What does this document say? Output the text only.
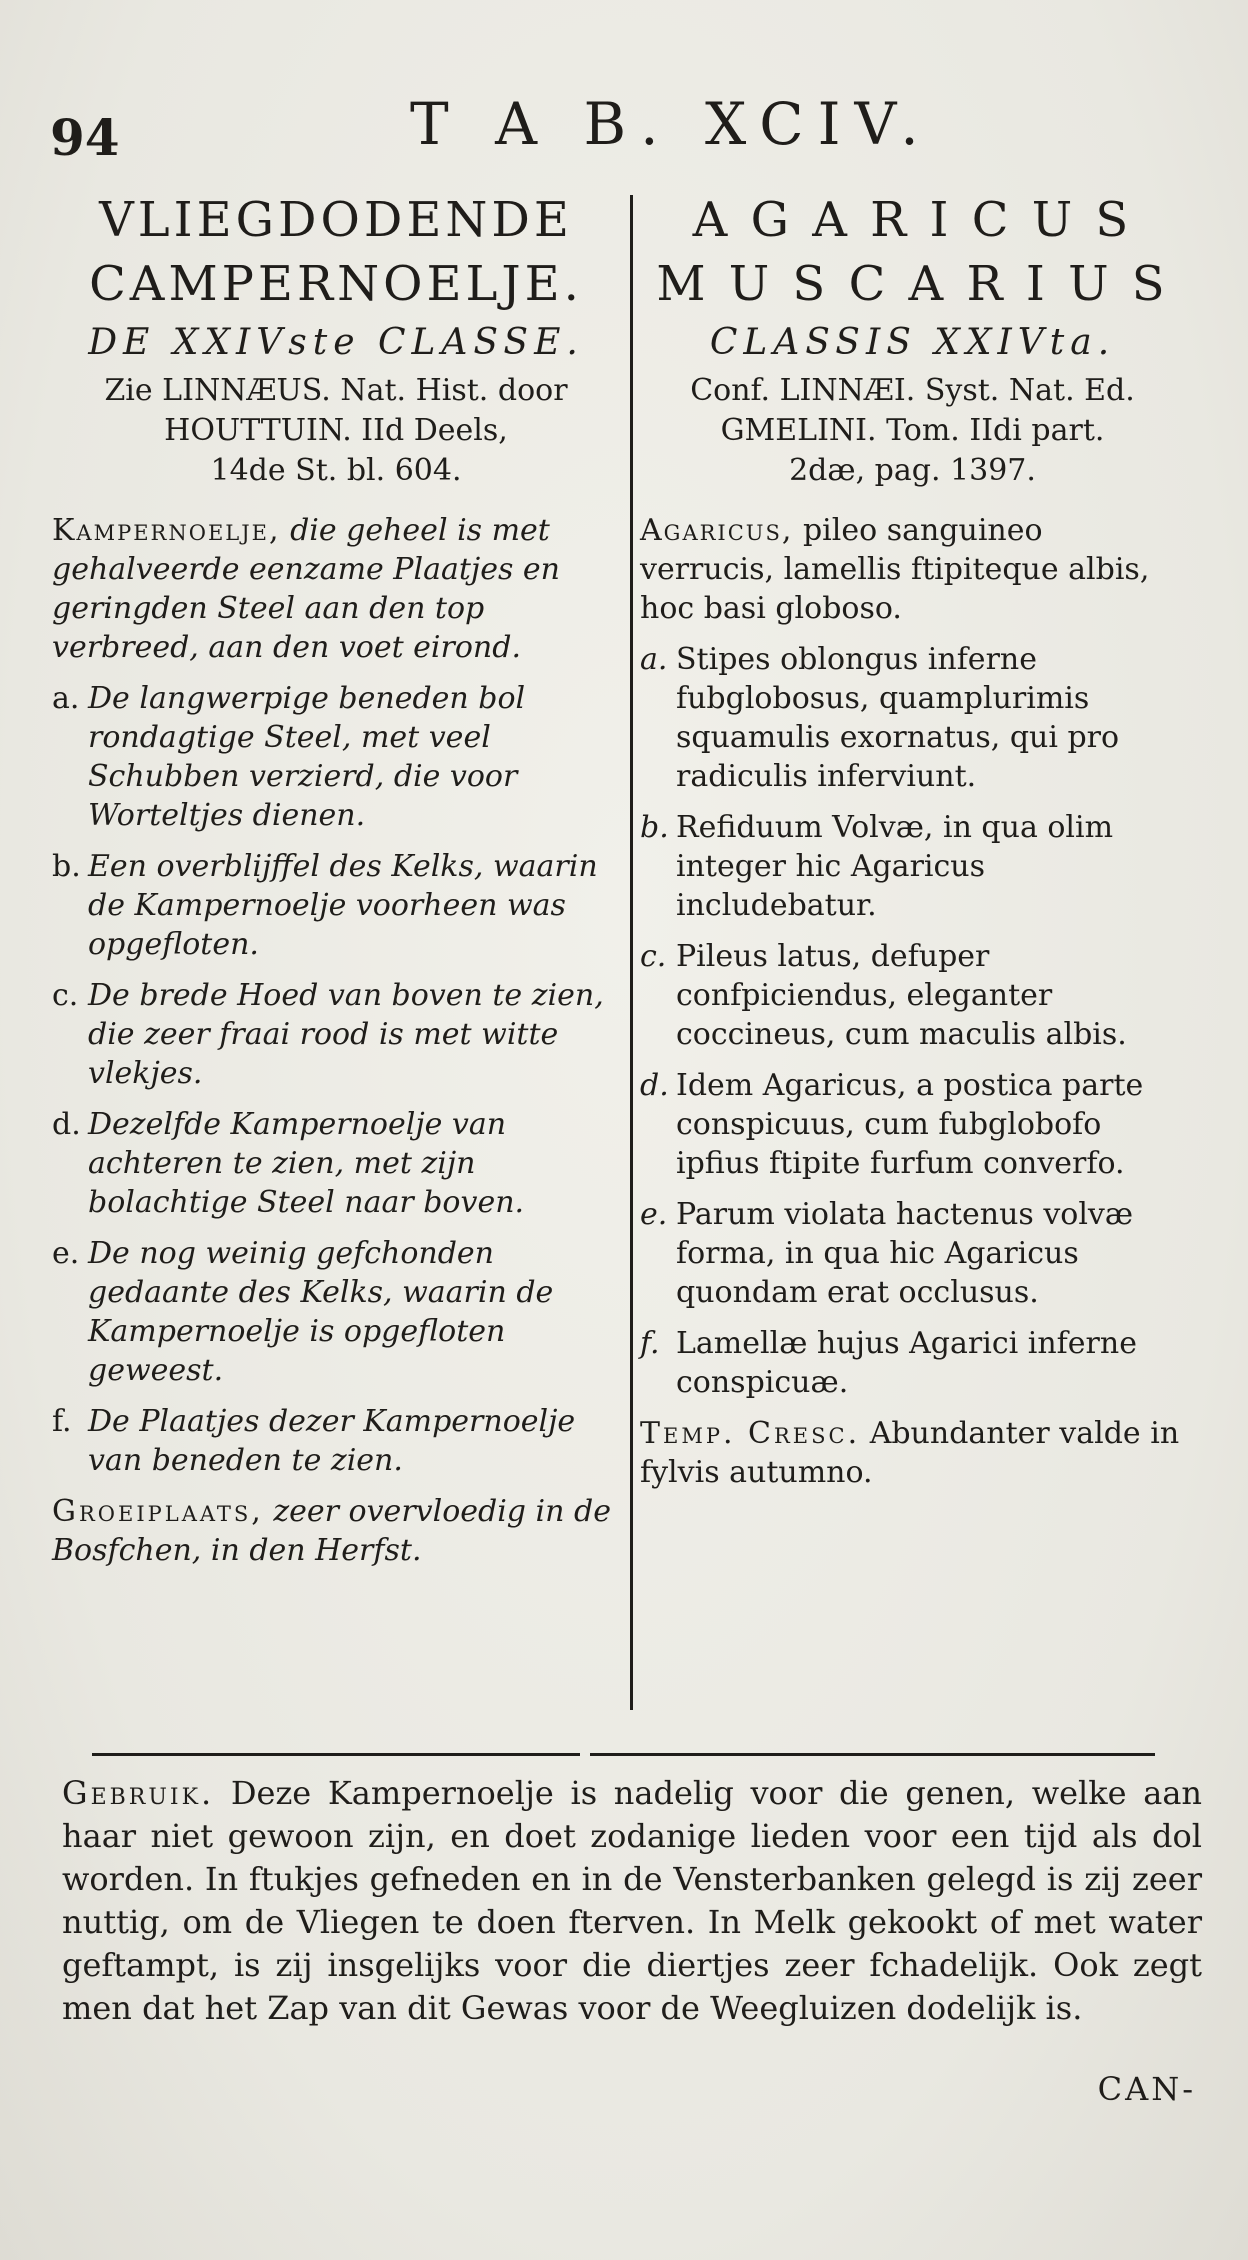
94	T A B. XCIV.
VLIEGDODENDE
CAMPERNOELJE.
DE XXIVste CLASSE.
Zie LINNÆUS. Nat. Hist. door
HOUTTUIN. IId Deels,
14de St. bl. 604.
Kampernoelje, die geheel is met gehalveerde eenzame Plaatjes en geringden Steel aan den top verbreed, aan den voet eirond.
a. De langwerpige beneden bol rondagtige Steel, met veel Schubben verzierd, die voor Worteltjes dienen.
b. Een overblijffel des Kelks, waarin de Kampernoelje voorheen was opgefloten.
c. De brede Hoed van boven te zien, die zeer fraai rood is met witte vlekjes.
d. Dezelfde Kampernoelje van achteren te zien, met zijn bolachtige Steel naar boven.
e. De nog weinig gefchonden gedaante des Kelks, waarin de Kampernoelje is opgefloten geweest.
f. De Plaatjes dezer Kampernoelje van beneden te zien.
Groeiplaats, zeer overvloedig in de Bosfchen, in den Herfst.
A G A R I C U S
M U S C A R I U S
CLASSIS XXIVta.
Conf. LINNÆI. Syst. Nat. Ed.
GMELINI. Tom. IIdi part.
2dæ, pag. 1397.
Agaricus, pileo sanguineo verrucis, lamellis ftipiteque albis, hoc basi globoso.
a. Stipes oblongus inferne fubglobosus, quamplurimis squamulis exornatus, qui pro radiculis inferviunt.
b. Refiduum Volvæ, in qua olim integer hic Agaricus includebatur.
c. Pileus latus, defuper confpiciendus, eleganter coccineus, cum maculis albis.
d. Idem Agaricus, a postica parte conspicuus, cum fubglobofo ipfius ftipite furfum converfo.
e. Parum violata hactenus volvæ forma, in qua hic Agaricus quondam erat occlusus.
f. Lamellæ hujus Agarici inferne conspicuæ.
Temp. Cresc. Abundanter valde in fylvis autumno.
Gebruik. Deze Kampernoelje is nadelig voor die genen, welke aan haar niet gewoon zijn, en doet zodanige lieden voor een tijd als dol worden. In ftukjes gefneden en in de Vensterbanken gelegd is zij zeer nuttig, om de Vliegen te doen fterven. In Melk gekookt of met water geftampt, is zij insgelijks voor die diertjes zeer fchadelijk. Ook zegt men dat het Zap van dit Gewas voor de Weegluizen dodelijk is.
CAN-
